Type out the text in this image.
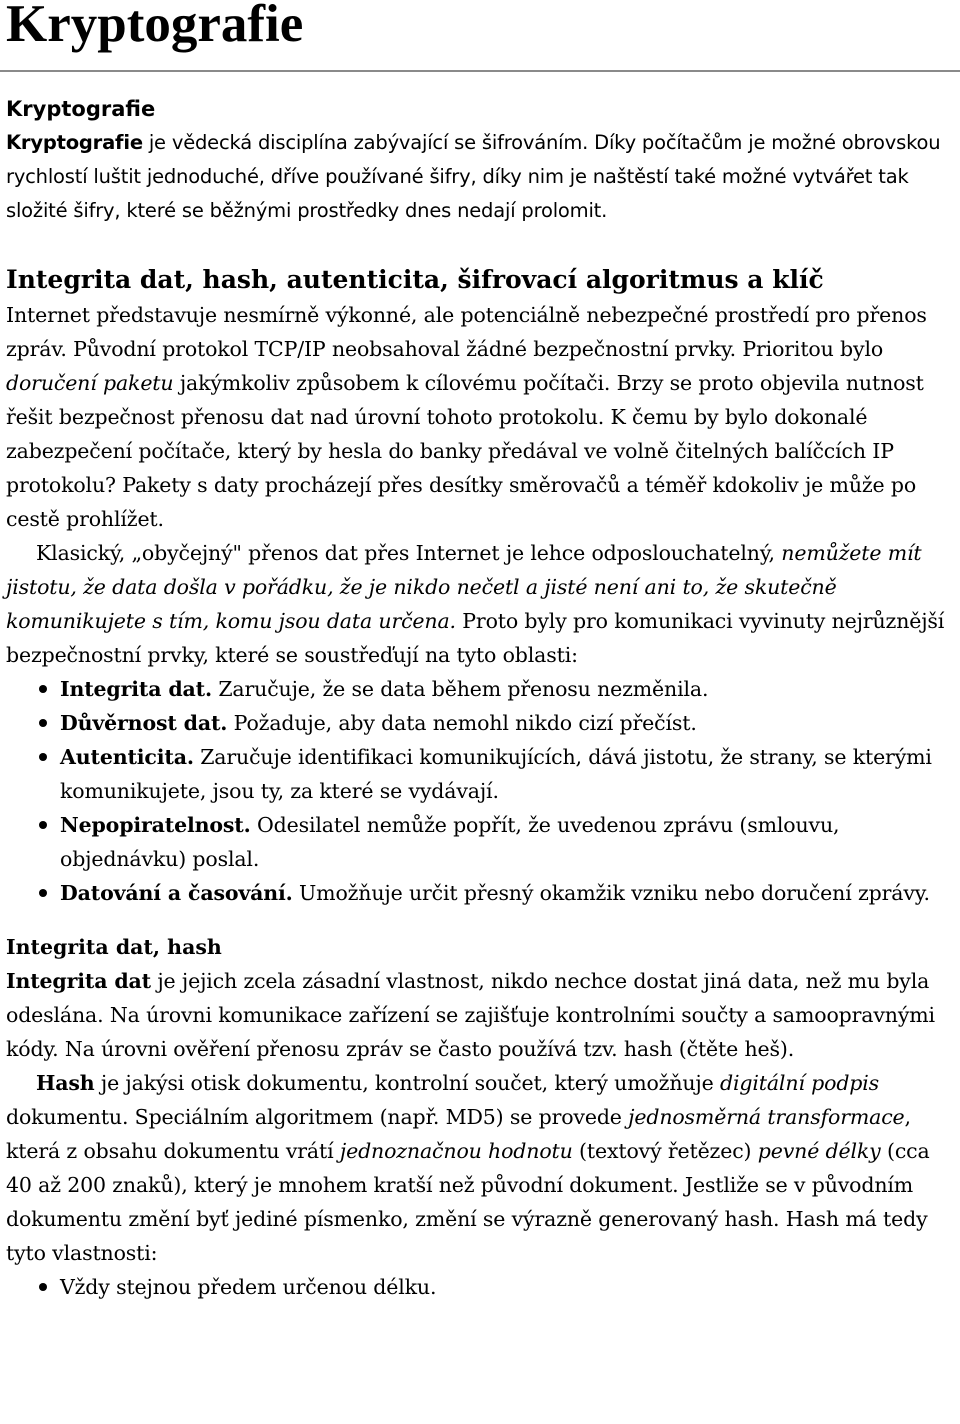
Kryptografie

Kryptografie

Kryptografie je vědecká disciplína zabývající se šifrováním. Díky počítačům je možné obrovskou rychlostí luštit jednoduché, dříve používané šifry, díky nim je naštěstí také možné vytvářet tak složité šifry, které se běžnými prostředky dnes nedají prolomit.

Integrita dat, hash, autenticita, šifrovací algoritmus a klíč

Internet představuje nesmírně výkonné, ale potenciálně nebezpečné prostředí pro přenos zpráv. Původní protokol TCP/IP neobsahoval žádné bezpečnostní prvky. Prioritou bylo doručení paketu jakýmkoliv způsobem k cílovému počítači. Brzy se proto objevila nutnost řešit bezpečnost přenosu dat nad úrovní tohoto protokolu. K čemu by bylo dokonalé zabezpečení počítače, který by hesla do banky předával ve volně čitelných balíčcích IP protokolu? Pakety s daty procházejí přes desítky směrovačů a téměř kdokoliv je může po cestě prohlížet.

Klasický, „obyčejný" přenos dat přes Internet je lehce odposlouchatelný, nemůžete mít jistotu, že data došla v pořádku, že je nikdo nečetl a jisté není ani to, že skutečně komunikujete s tím, komu jsou data určena. Proto byly pro komunikaci vyvinuty nejrůznější bezpečnostní prvky, které se soustřeďují na tyto oblasti:

Integrita dat. Zaručuje, že se data během přenosu nezměnila.
Důvěrnost dat. Požaduje, aby data nemohl nikdo cizí přečíst.
Autenticita. Zaručuje identifikaci komunikujících, dává jistotu, že strany, se kterými komunikujete, jsou ty, za které se vydávají.
Nepopiratelnost. Odesilatel nemůže popřít, že uvedenou zprávu (smlouvu, objednávku) poslal.
Datování a časování. Umožňuje určit přesný okamžik vzniku nebo doručení zprávy.

Integrita dat, hash

Integrita dat je jejich zcela zásadní vlastnost, nikdo nechce dostat jiná data, než mu byla odeslána. Na úrovni komunikace zařízení se zajišťuje kontrolními součty a samoopravnými kódy. Na úrovni ověření přenosu zpráv se často používá tzv. hash (čtěte heš).

Hash je jakýsi otisk dokumentu, kontrolní součet, který umožňuje digitální podpis dokumentu. Speciálním algoritmem (např. MD5) se provede jednosměrná transformace, která z obsahu dokumentu vrátí jednoznačnou hodnotu (textový řetězec) pevné délky (cca 40 až 200 znaků), který je mnohem kratší než původní dokument. Jestliže se v původním dokumentu změní byť jediné písmenko, změní se výrazně generovaný hash. Hash má tedy tyto vlastnosti:

Vždy stejnou předem určenou délku.
